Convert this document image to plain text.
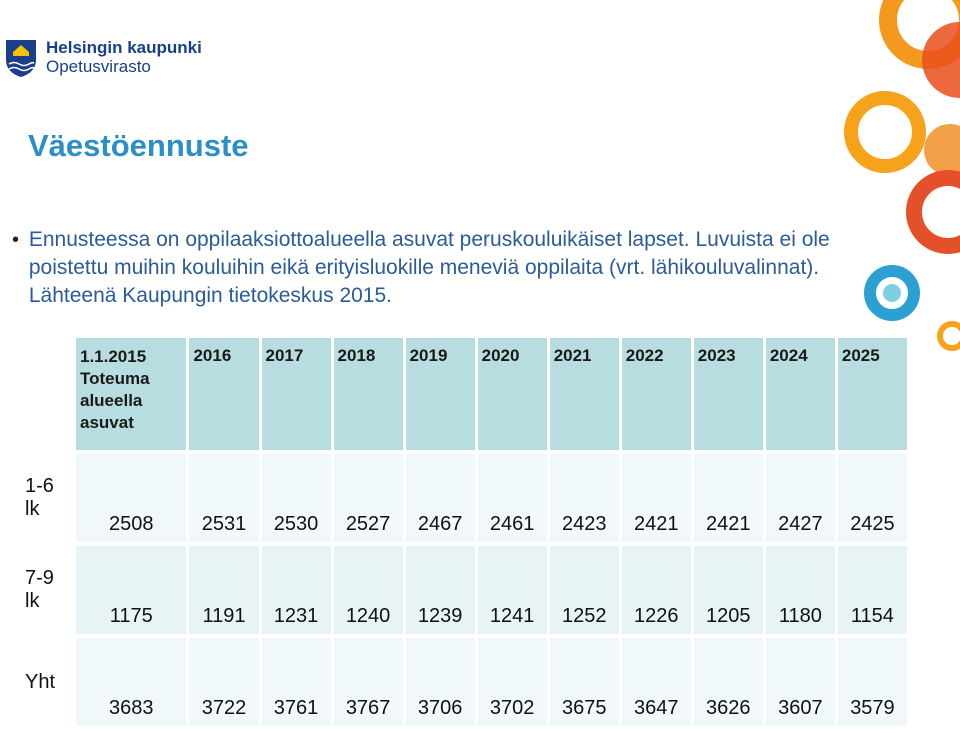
Helsingin kaupunki
Opetusvirasto
Väestöennuste
• Ennusteessa on oppilaaksiottoalueella asuvat peruskouluikäiset lapset. Luvuista ei ole poistettu muihin kouluihin eikä erityisluokille meneviä oppilaita (vrt. lähikouluvalinnat). Lähteenä Kaupungin tietokeskus 2015.

	1.1.2015
Toteuma
alueella
asuvat	2016	2017	2018	2019	2020	2021	2022	2023	2024	2025

1-6
lk	2508	2531	2530	2527	2467	2461	2423	2421	2421	2427	2425

7-9
lk	1175	1191	1231	1240	1239	1241	1252	1226	1205	1180	1154

Yht	3683	3722	3761	3767	3706	3702	3675	3647	3626	3607	3579
